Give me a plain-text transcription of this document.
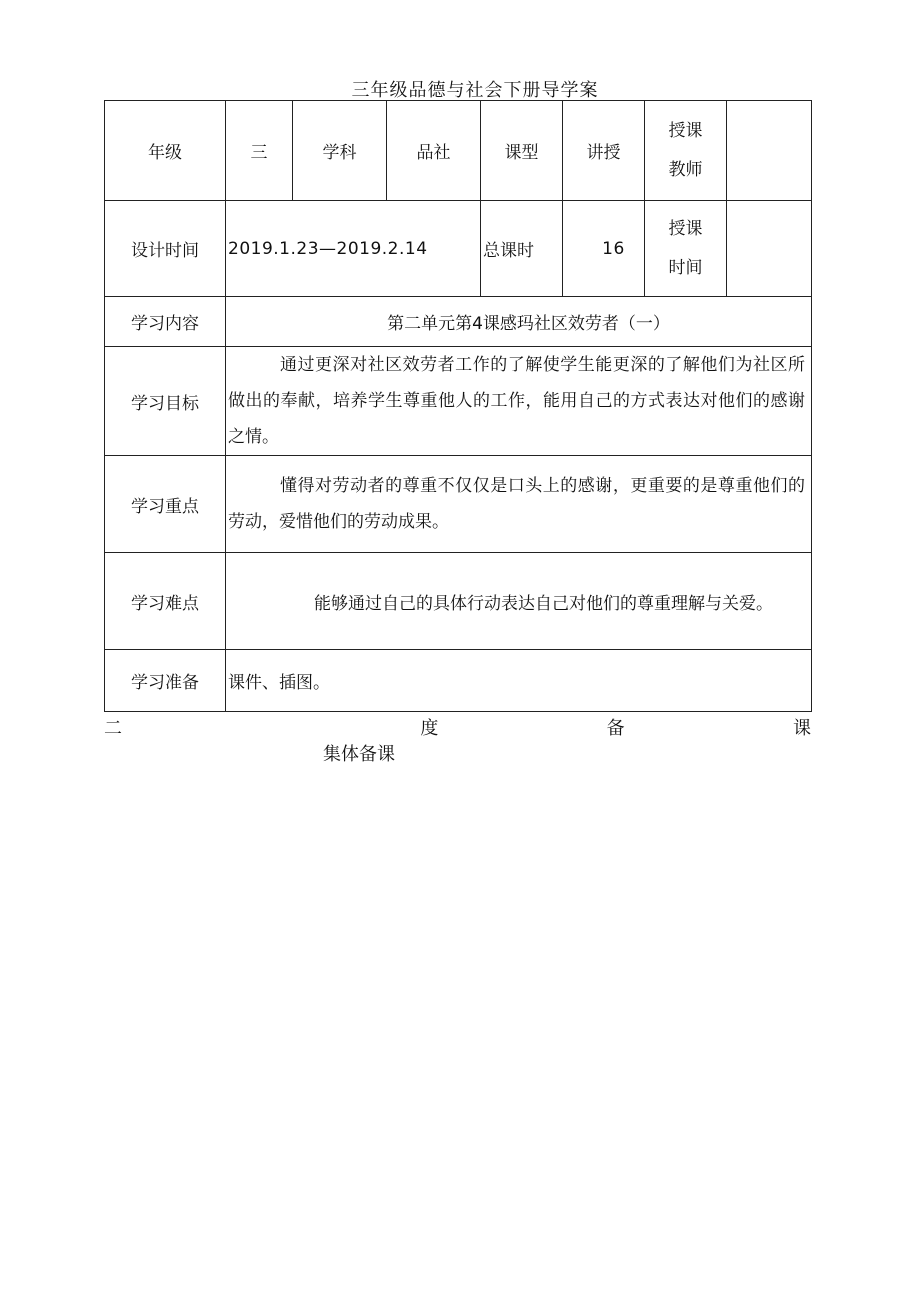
三年级品德与社会下册导学案
年级	三	学科	品社	课型	讲授	授课
教师	

设计时间	2019.1.23—2019.2.14			总课时	16	授课
时间	

学习内容	第二单元第4课感玛社区效劳者（一）						
学习目标	通过更深对社区效劳者工作的了解使学生能更深的了解他们为社区所做出的奉献，培养学生尊重他人的工作，能用自己的方式表达对他们的感谢之情。						

学习重点	懂得对劳动者的尊重不仅仅是口头上的感谢，更重要的是尊重他们的劳动，爱惜他们的劳动成果。						

学习难点	能够通过自己的具体行动表达自己对他们的尊重理解与关爱。						
学习准备	课件、插图。						
二	度	备	课
集体备课
